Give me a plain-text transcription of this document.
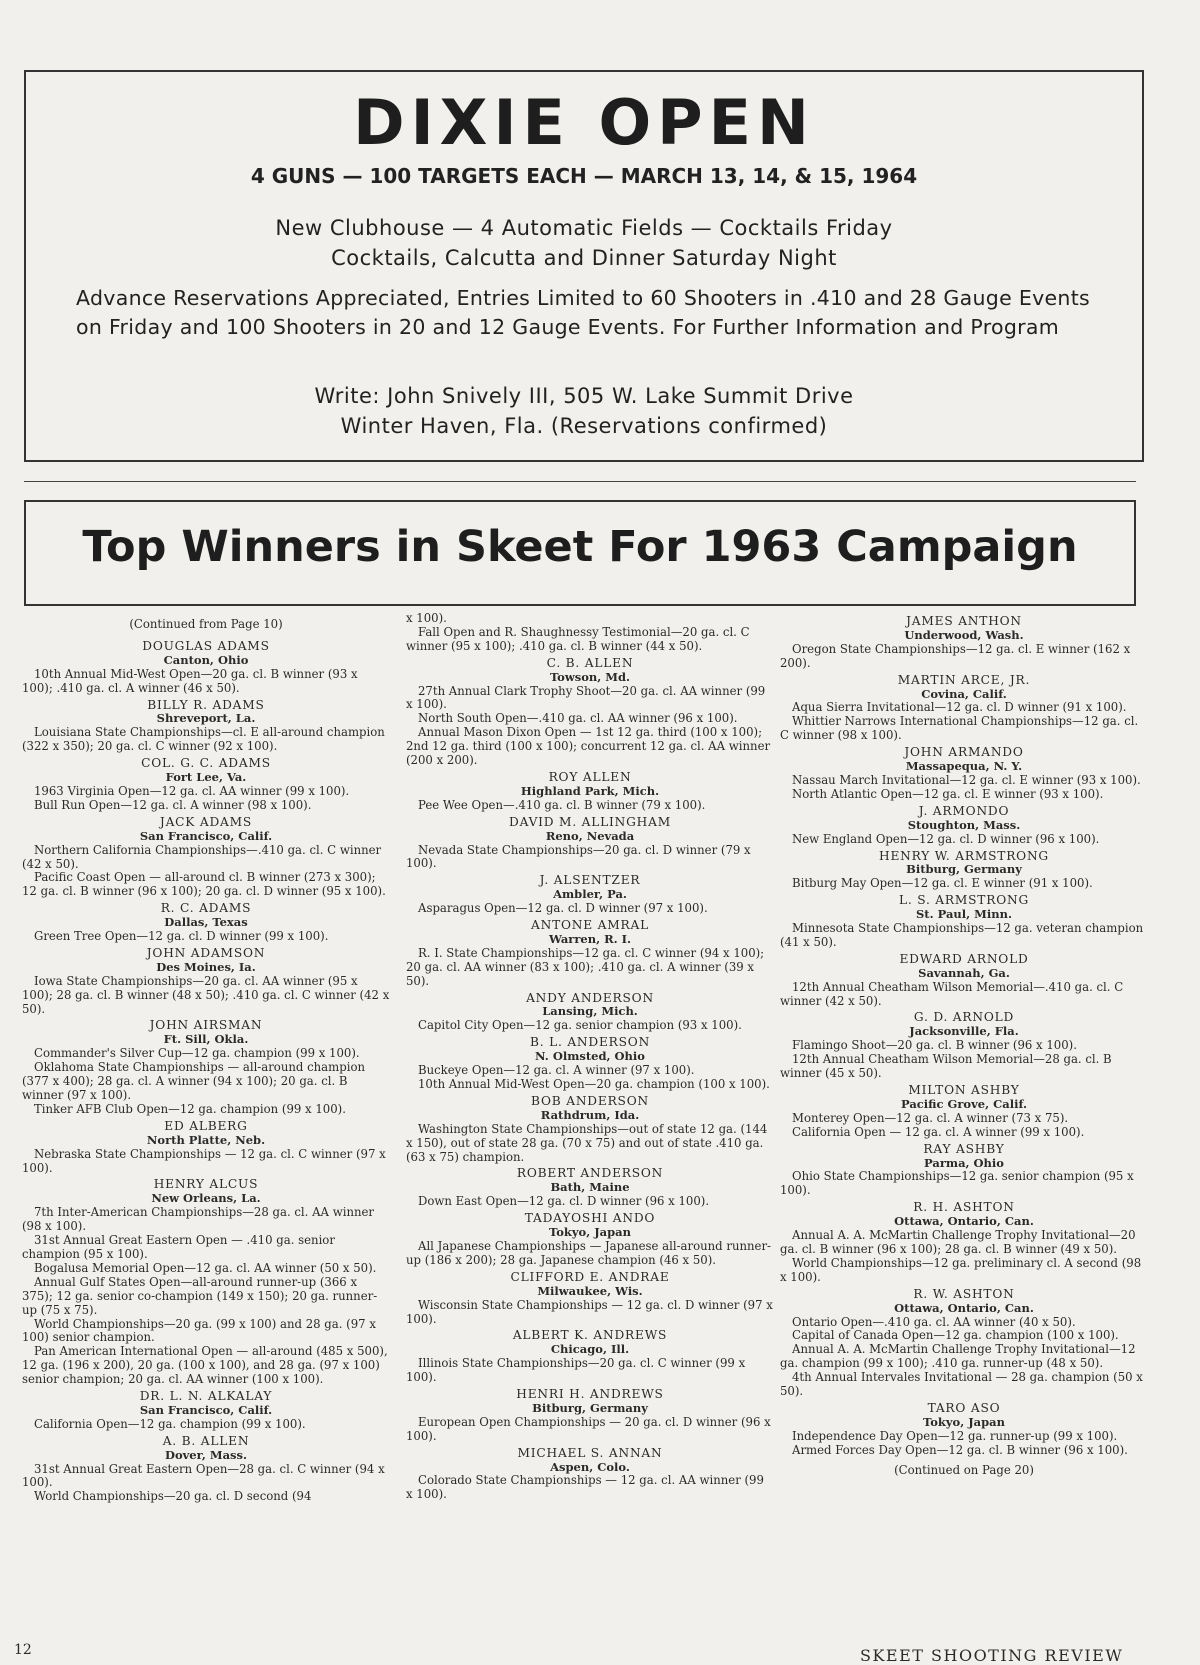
DIXIE OPEN
4 GUNS — 100 TARGETS EACH — MARCH 13, 14, & 15, 1964
New Clubhouse — 4 Automatic Fields — Cocktails Friday
Cocktails, Calcutta and Dinner Saturday Night
Advance Reservations Appreciated, Entries Limited to 60 Shooters in .410 and 28 Gauge Events on Friday and 100 Shooters in 20 and 12 Gauge Events. For Further Information and Program
Write: John Snively III, 505 W. Lake Summit Drive
Winter Haven, Fla. (Reservations confirmed)
Top Winners in Skeet For 1963 Campaign
(Continued from Page 10)
DOUGLAS ADAMS
Canton, Ohio
10th Annual Mid-West Open—20 ga. cl. B winner (93 x 100); .410 ga. cl. A winner (46 x 50).
BILLY R. ADAMS
Shreveport, La.
Louisiana State Championships—cl. E all-around champion (322 x 350); 20 ga. cl. C winner (92 x 100).
COL. G. C. ADAMS
Fort Lee, Va.
1963 Virginia Open—12 ga. cl. AA winner (99 x 100).
Bull Run Open—12 ga. cl. A winner (98 x 100).
JACK ADAMS
San Francisco, Calif.
Northern California Championships—.410 ga. cl. C winner (42 x 50).
Pacific Coast Open — all-around cl. B winner (273 x 300); 12 ga. cl. B winner (96 x 100); 20 ga. cl. D winner (95 x 100).
R. C. ADAMS
Dallas, Texas
Green Tree Open—12 ga. cl. D winner (99 x 100).
JOHN ADAMSON
Des Moines, Ia.
Iowa State Championships—20 ga. cl. AA winner (95 x 100); 28 ga. cl. B winner (48 x 50); .410 ga. cl. C winner (42 x 50).
JOHN AIRSMAN
Ft. Sill, Okla.
Commander's Silver Cup—12 ga. champion (99 x 100).
Oklahoma State Championships — all-around champion (377 x 400); 28 ga. cl. A winner (94 x 100); 20 ga. cl. B winner (97 x 100).
Tinker AFB Club Open—12 ga. champion (99 x 100).
ED ALBERG
North Platte, Neb.
Nebraska State Championships — 12 ga. cl. C winner (97 x 100).
HENRY ALCUS
New Orleans, La.
7th Inter-American Championships—28 ga. cl. AA winner (98 x 100).
31st Annual Great Eastern Open — .410 ga. senior champion (95 x 100).
Bogalusa Memorial Open—12 ga. cl. AA winner (50 x 50).
Annual Gulf States Open—all-around runner-up (366 x 375); 12 ga. senior co-champion (149 x 150); 20 ga. runner-up (75 x 75).
World Championships—20 ga. (99 x 100) and 28 ga. (97 x 100) senior champion.
Pan American International Open — all-around (485 x 500), 12 ga. (196 x 200), 20 ga. (100 x 100), and 28 ga. (97 x 100) senior champion; 20 ga. cl. AA winner (100 x 100).
DR. L. N. ALKALAY
San Francisco, Calif.
California Open—12 ga. champion (99 x 100).
A. B. ALLEN
Dover, Mass.
31st Annual Great Eastern Open—28 ga. cl. C winner (94 x 100).
World Championships—20 ga. cl. D second (94
x 100).
Fall Open and R. Shaughnessy Testimonial—20 ga. cl. C winner (95 x 100); .410 ga. cl. B winner (44 x 50).
C. B. ALLEN
Towson, Md.
27th Annual Clark Trophy Shoot—20 ga. cl. AA winner (99 x 100).
North South Open—.410 ga. cl. AA winner (96 x 100).
Annual Mason Dixon Open — 1st 12 ga. third (100 x 100); 2nd 12 ga. third (100 x 100); concurrent 12 ga. cl. AA winner (200 x 200).
ROY ALLEN
Highland Park, Mich.
Pee Wee Open—.410 ga. cl. B winner (79 x 100).
DAVID M. ALLINGHAM
Reno, Nevada
Nevada State Championships—20 ga. cl. D winner (79 x 100).
J. ALSENTZER
Ambler, Pa.
Asparagus Open—12 ga. cl. D winner (97 x 100).
ANTONE AMRAL
Warren, R. I.
R. I. State Championships—12 ga. cl. C winner (94 x 100); 20 ga. cl. AA winner (83 x 100); .410 ga. cl. A winner (39 x 50).
ANDY ANDERSON
Lansing, Mich.
Capitol City Open—12 ga. senior champion (93 x 100).
B. L. ANDERSON
N. Olmsted, Ohio
Buckeye Open—12 ga. cl. A winner (97 x 100).
10th Annual Mid-West Open—20 ga. champion (100 x 100).
BOB ANDERSON
Rathdrum, Ida.
Washington State Championships—out of state 12 ga. (144 x 150), out of state 28 ga. (70 x 75) and out of state .410 ga. (63 x 75) champion.
ROBERT ANDERSON
Bath, Maine
Down East Open—12 ga. cl. D winner (96 x 100).
TADAYOSHI ANDO
Tokyo, Japan
All Japanese Championships — Japanese all-around runner-up (186 x 200); 28 ga. Japanese champion (46 x 50).
CLIFFORD E. ANDRAE
Milwaukee, Wis.
Wisconsin State Championships — 12 ga. cl. D winner (97 x 100).
ALBERT K. ANDREWS
Chicago, Ill.
Illinois State Championships—20 ga. cl. C winner (99 x 100).
HENRI H. ANDREWS
Bitburg, Germany
European Open Championships — 20 ga. cl. D winner (96 x 100).
MICHAEL S. ANNAN
Aspen, Colo.
Colorado State Championships — 12 ga. cl. AA winner (99 x 100).
JAMES ANTHON
Underwood, Wash.
Oregon State Championships—12 ga. cl. E winner (162 x 200).
MARTIN ARCE, JR.
Covina, Calif.
Aqua Sierra Invitational—12 ga. cl. D winner (91 x 100).
Whittier Narrows International Championships—12 ga. cl. C winner (98 x 100).
JOHN ARMANDO
Massapequa, N. Y.
Nassau March Invitational—12 ga. cl. E winner (93 x 100).
North Atlantic Open—12 ga. cl. E winner (93 x 100).
J. ARMONDO
Stoughton, Mass.
New England Open—12 ga. cl. D winner (96 x 100).
HENRY W. ARMSTRONG
Bitburg, Germany
Bitburg May Open—12 ga. cl. E winner (91 x 100).
L. S. ARMSTRONG
St. Paul, Minn.
Minnesota State Championships—12 ga. veteran champion (41 x 50).
EDWARD ARNOLD
Savannah, Ga.
12th Annual Cheatham Wilson Memorial—.410 ga. cl. C winner (42 x 50).
G. D. ARNOLD
Jacksonville, Fla.
Flamingo Shoot—20 ga. cl. B winner (96 x 100).
12th Annual Cheatham Wilson Memorial—28 ga. cl. B winner (45 x 50).
MILTON ASHBY
Pacific Grove, Calif.
Monterey Open—12 ga. cl. A winner (73 x 75).
California Open — 12 ga. cl. A winner (99 x 100).
RAY ASHBY
Parma, Ohio
Ohio State Championships—12 ga. senior champion (95 x 100).
R. H. ASHTON
Ottawa, Ontario, Can.
Annual A. A. McMartin Challenge Trophy Invitational—20 ga. cl. B winner (96 x 100); 28 ga. cl. B winner (49 x 50).
World Championships—12 ga. preliminary cl. A second (98 x 100).
R. W. ASHTON
Ottawa, Ontario, Can.
Ontario Open—.410 ga. cl. AA winner (40 x 50).
Capital of Canada Open—12 ga. champion (100 x 100).
Annual A. A. McMartin Challenge Trophy Invitational—12 ga. champion (99 x 100); .410 ga. runner-up (48 x 50).
4th Annual Intervales Invitational — 28 ga. champion (50 x 50).
TARO ASO
Tokyo, Japan
Independence Day Open—12 ga. runner-up (99 x 100).
Armed Forces Day Open—12 ga. cl. B winner (96 x 100).
(Continued on Page 20)
12	SKEET SHOOTING REVIEW
